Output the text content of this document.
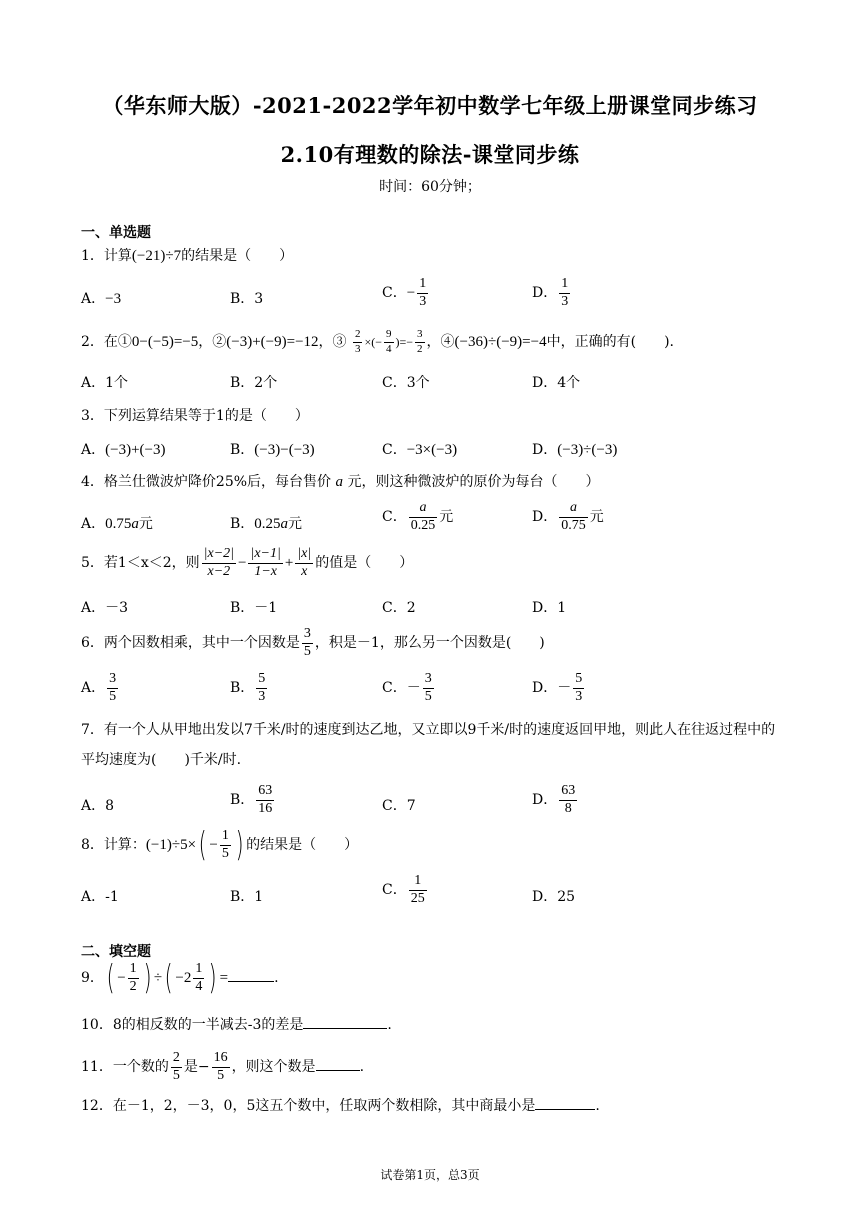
（华东师大版）-2021-2022学年初中数学七年级上册课堂同步练习
2.10有理数的除法-课堂同步练
时间：60分钟；
一、单选题
1．计算(−21)÷7的结果是（　　）
A．−3	B．3	C．− $\frac{1}{3}$	D． $\frac{1}{3}$
2．在①0−(−5)=−5，②(−3)+(−9)=−12，③ $\frac{2}{3}$ ×(− $\frac{9}{4}$ )=− $\frac{3}{2}$ ，④(−36)÷(−9)=−4中，正确的有(　　).
A．1个	B．2个	C．3个	D．4个
3．下列运算结果等于1的是（　　）
A．(−3)+(−3)	B．(−3)−(−3)	C．−3×(−3)	D．(−3)÷(−3)
4．格兰仕微波炉降价25%后，每台售价 a 元，则这种微波炉的原价为每台（　　）
A．0.75a元	B．0.25a元	C． $\frac{a}{0.25}$ 元	D． $\frac{a}{0.75}$ 元
5．若1＜x＜2，则 $\frac{|x-2|}{x-2} - \frac{|x-1|}{1-x} + \frac{|x|}{x}$ 的值是（　　）
A．－3	B．－1	C．2	D．1
6．两个因数相乘，其中一个因数是 $\frac{3}{5}$ ，积是－1，那么另一个因数是(　　)
A． $\frac{3}{5}$	B． $\frac{5}{3}$	C．－ $\frac{3}{5}$	D．－ $\frac{5}{3}$
7．有一个人从甲地出发以7千米/时的速度到达乙地，又立即以9千米/时的速度返回甲地，则此人在往返过程中的平均速度为(　　)千米/时.
A．8	B． $\frac{63}{16}$	C．7	D． $\frac{63}{8}$
8．计算：$(-1)\div 5\times( - \frac{1}{5}$ ) 的结果是（　　）
A．-1	B．1	C． $\frac{1}{25}$	D．25
二、填空题
9．( − $\frac{1}{2}$ ) ÷( $-2 \frac{1}{4}$ ) =	.
10．8的相反数的一半减去-3的差是	.
11．一个数的 $\frac{2}{5}$ 是− $\frac{16}{5}$ ，则这个数是	.
12．在－1，2，－3，0，5这五个数中，任取两个数相除，其中商最小是	.
试卷第1页，总3页
